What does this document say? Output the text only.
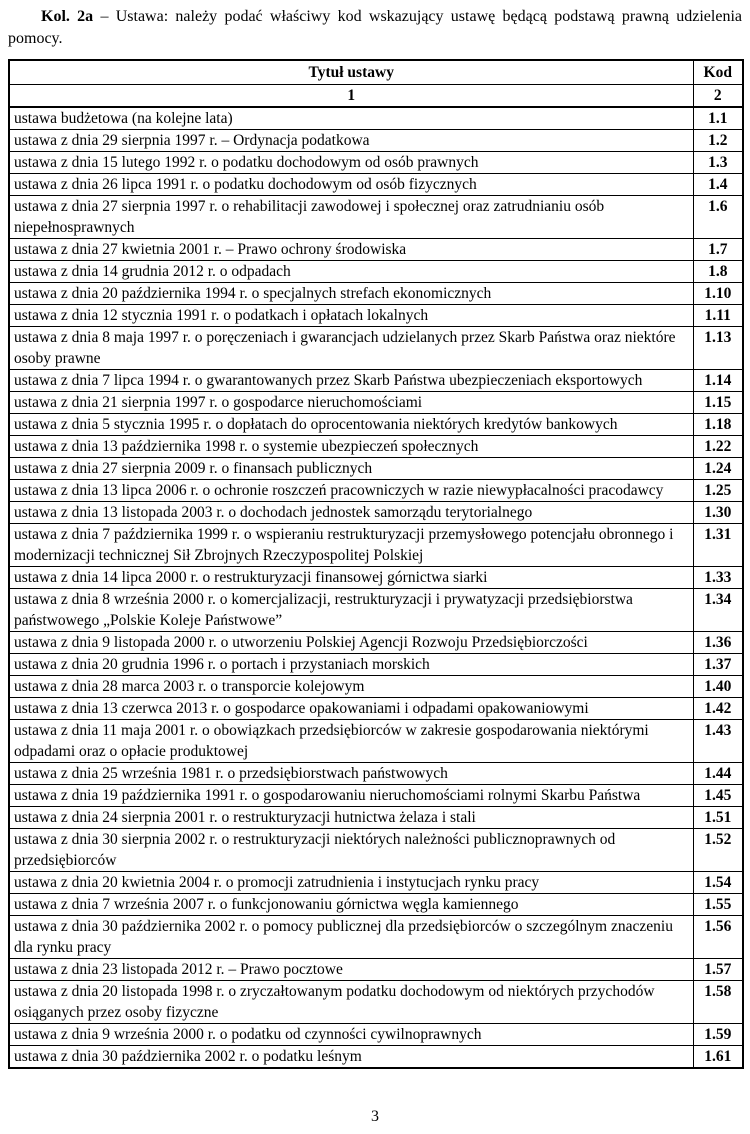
Kol. 2a – Ustawa: należy podać właściwy kod wskazujący ustawę będącą podstawą prawną udzielenia pomocy.

Tytuł ustawy	Kod
1	2
ustawa budżetowa (na kolejne lata)	1.1
ustawa z dnia 29 sierpnia 1997 r. – Ordynacja podatkowa	1.2
ustawa z dnia 15 lutego 1992 r. o podatku dochodowym od osób prawnych	1.3
ustawa z dnia 26 lipca 1991 r. o podatku dochodowym od osób fizycznych	1.4
ustawa z dnia 27 sierpnia 1997 r. o rehabilitacji zawodowej i społecznej oraz zatrudnianiu osób niepełnosprawnych	1.6
ustawa z dnia 27 kwietnia 2001 r. – Prawo ochrony środowiska	1.7
ustawa z dnia 14 grudnia 2012 r. o odpadach	1.8
ustawa z dnia 20 października 1994 r. o specjalnych strefach ekonomicznych	1.10
ustawa z dnia 12 stycznia 1991 r. o podatkach i opłatach lokalnych	1.11
ustawa z dnia 8 maja 1997 r. o poręczeniach i gwarancjach udzielanych przez Skarb Państwa oraz niektóre osoby prawne	1.13
ustawa z dnia 7 lipca 1994 r. o gwarantowanych przez Skarb Państwa ubezpieczeniach eksportowych	1.14
ustawa z dnia 21 sierpnia 1997 r. o gospodarce nieruchomościami	1.15
ustawa z dnia 5 stycznia 1995 r. o dopłatach do oprocentowania niektórych kredytów bankowych	1.18
ustawa z dnia 13 października 1998 r. o systemie ubezpieczeń społecznych	1.22
ustawa z dnia 27 sierpnia 2009 r. o finansach publicznych	1.24
ustawa z dnia 13 lipca 2006 r. o ochronie roszczeń pracowniczych w razie niewypłacalności pracodawcy	1.25
ustawa z dnia 13 listopada 2003 r. o dochodach jednostek samorządu terytorialnego	1.30
ustawa z dnia 7 października 1999 r. o wspieraniu restrukturyzacji przemysłowego potencjału obronnego i modernizacji technicznej Sił Zbrojnych Rzeczypospolitej Polskiej	1.31
ustawa z dnia 14 lipca 2000 r. o restrukturyzacji finansowej górnictwa siarki	1.33
ustawa z dnia 8 września 2000 r. o komercjalizacji, restrukturyzacji i prywatyzacji przedsiębiorstwa państwowego „Polskie Koleje Państwowe”	1.34
ustawa z dnia 9 listopada 2000 r. o utworzeniu Polskiej Agencji Rozwoju Przedsiębiorczości	1.36
ustawa z dnia 20 grudnia 1996 r. o portach i przystaniach morskich	1.37
ustawa z dnia 28 marca 2003 r. o transporcie kolejowym	1.40
ustawa z dnia 13 czerwca 2013 r. o gospodarce opakowaniami i odpadami opakowaniowymi	1.42
ustawa z dnia 11 maja 2001 r. o obowiązkach przedsiębiorców w zakresie gospodarowania niektórymi odpadami oraz o opłacie produktowej	1.43
ustawa z dnia 25 września 1981 r. o przedsiębiorstwach państwowych	1.44
ustawa z dnia 19 października 1991 r. o gospodarowaniu nieruchomościami rolnymi Skarbu Państwa	1.45
ustawa z dnia 24 sierpnia 2001 r. o restrukturyzacji hutnictwa żelaza i stali	1.51
ustawa z dnia 30 sierpnia 2002 r. o restrukturyzacji niektórych należności publicznoprawnych od przedsiębiorców	1.52
ustawa z dnia 20 kwietnia 2004 r. o promocji zatrudnienia i instytucjach rynku pracy	1.54
ustawa z dnia 7 września 2007 r. o funkcjonowaniu górnictwa węgla kamiennego	1.55
ustawa z dnia 30 października 2002 r. o pomocy publicznej dla przedsiębiorców o szczególnym znaczeniu dla rynku pracy	1.56
ustawa z dnia 23 listopada 2012 r. – Prawo pocztowe	1.57
ustawa z dnia 20 listopada 1998 r. o zryczałtowanym podatku dochodowym od niektórych przychodów osiąganych przez osoby fizyczne	1.58
ustawa z dnia 9 września 2000 r. o podatku od czynności cywilnoprawnych	1.59
ustawa z dnia 30 października 2002 r. o podatku leśnym	1.61
3
